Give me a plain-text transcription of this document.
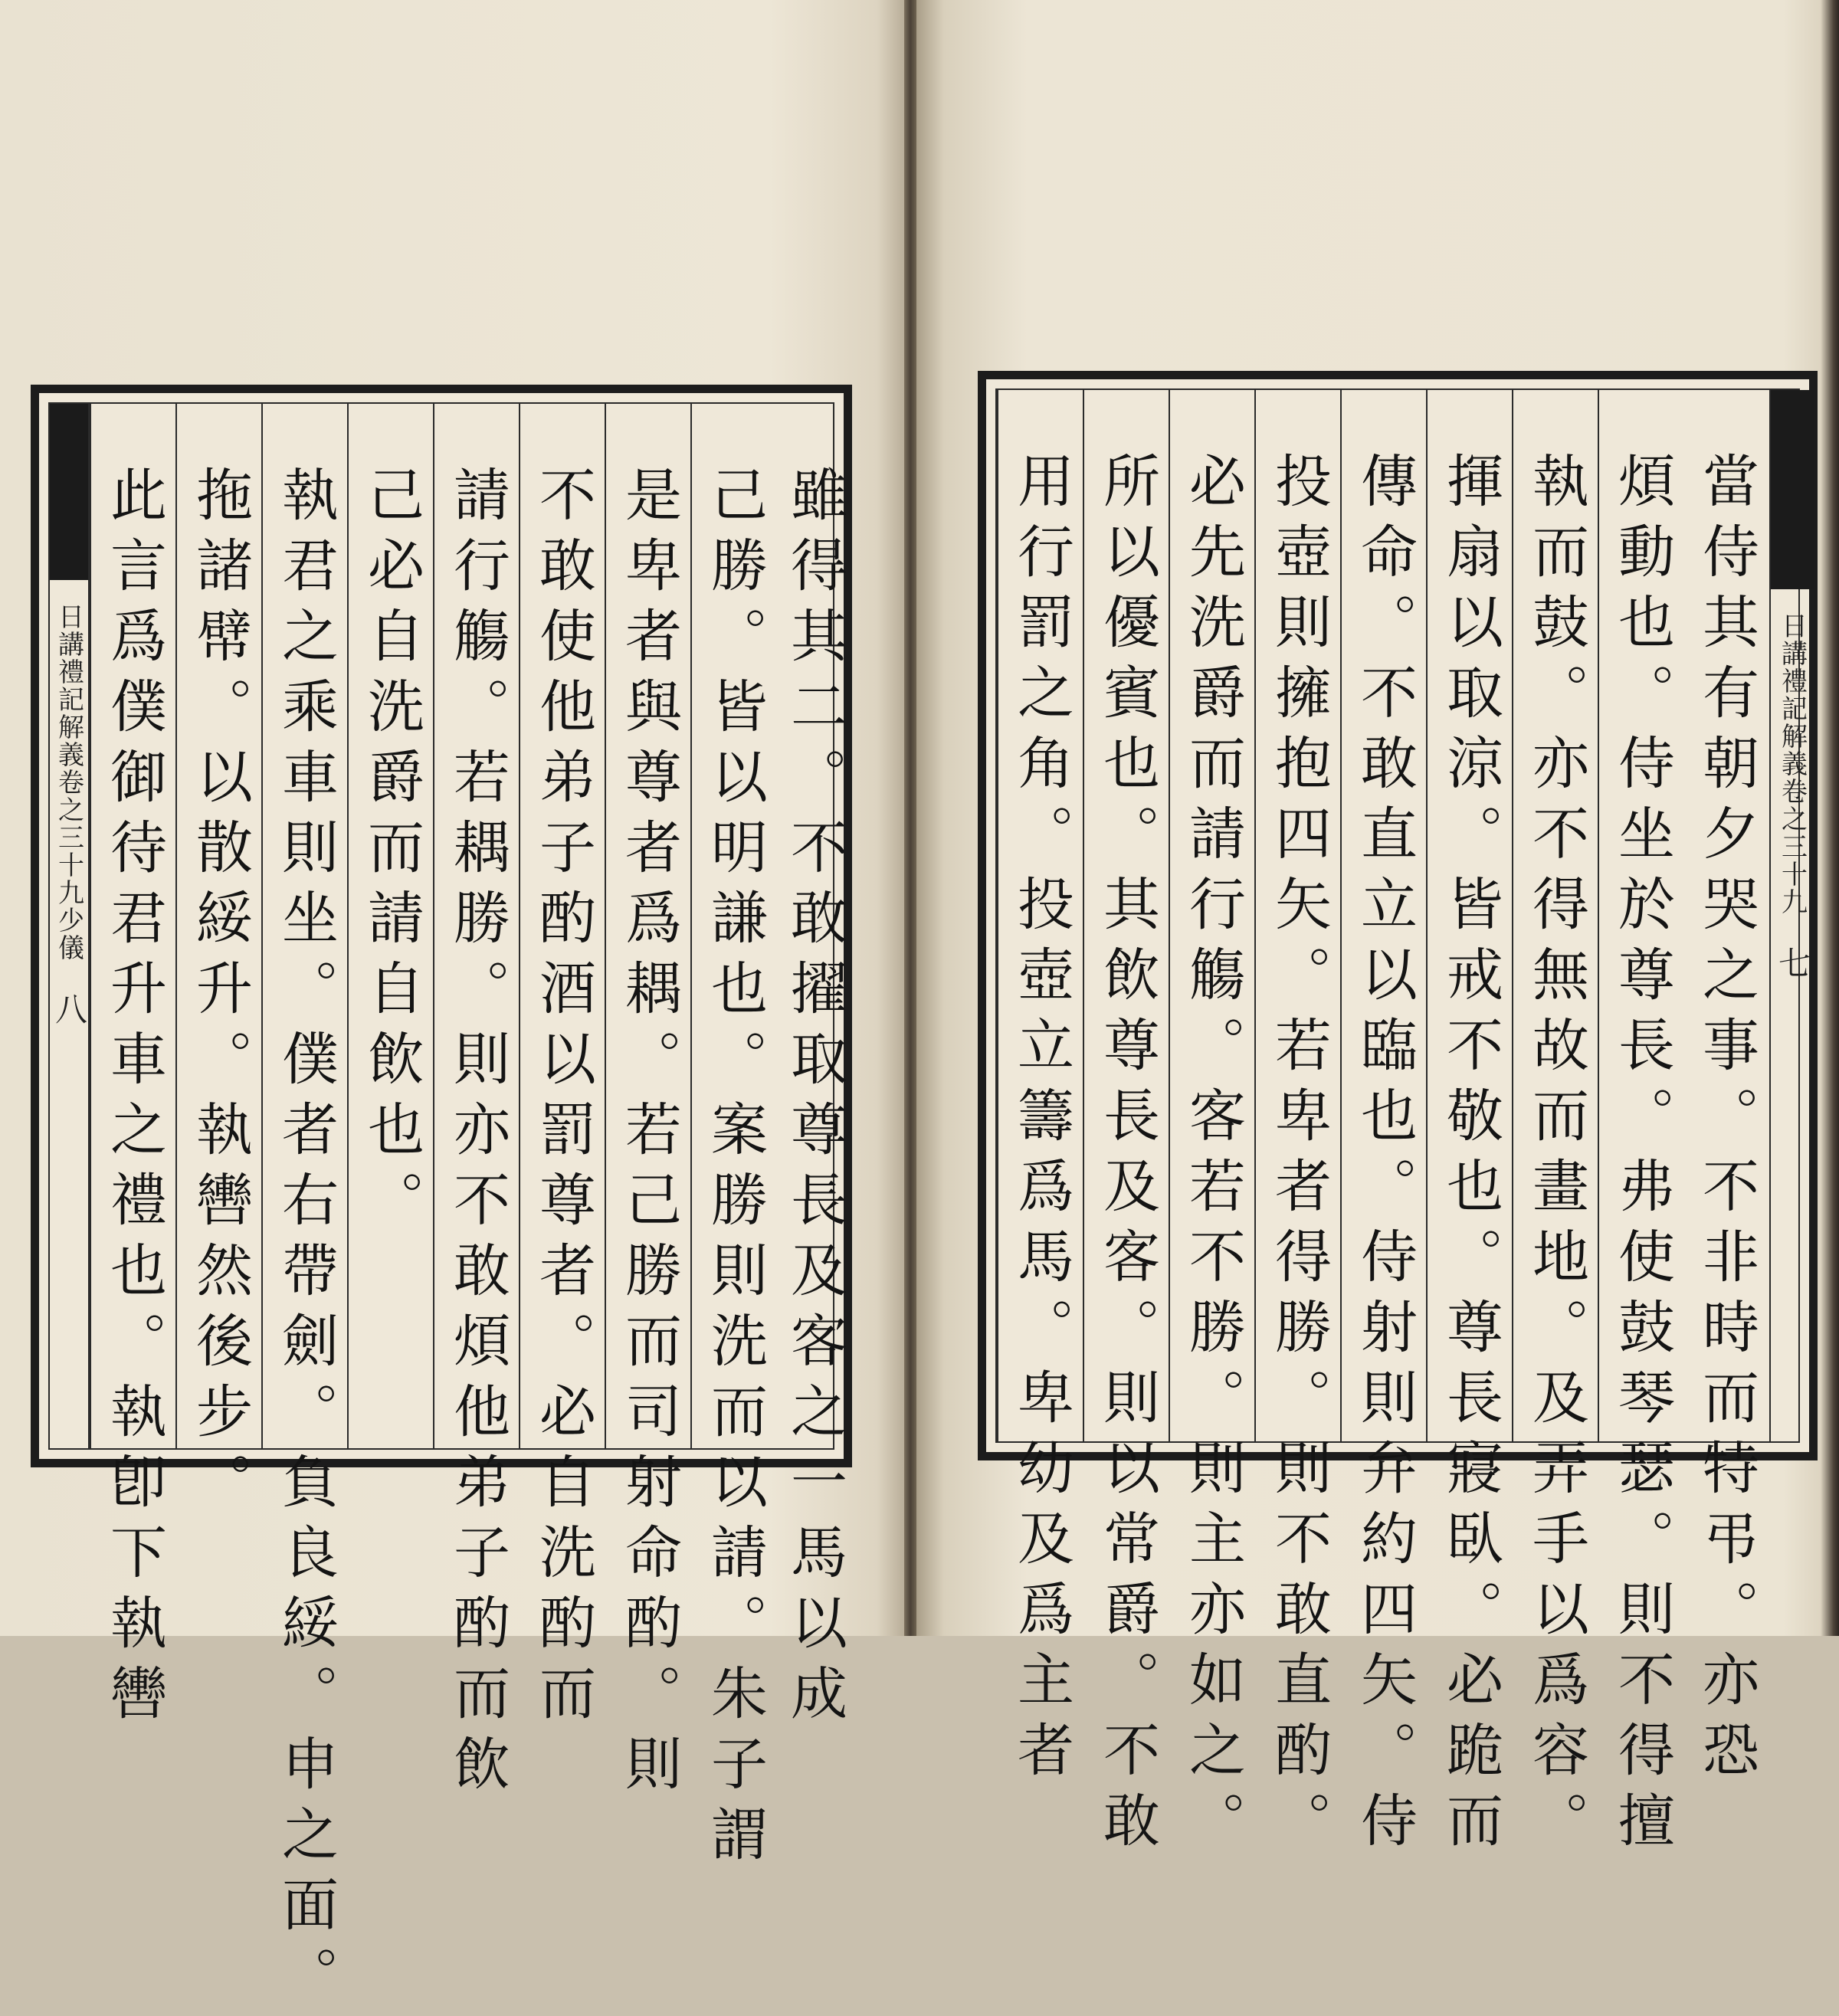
雖得其二。不敢擢取尊長及客之一馬以成
己勝。皆以明謙也。案勝則洗而以請。朱子謂
是卑者與尊者爲耦。若己勝而司射命酌。則
不敢使他弟子酌酒以罰尊者。必自洗酌而
請行觴。若耦勝。則亦不敢煩他弟子酌而飲
己必自洗爵而請自飲也。
執君之乘車則坐。僕者右帶劍。負良綏。申之面。
拖諸幦。以散綏升。執轡然後步。
此言爲僕御待君升車之禮也。執卽下執轡
日講禮記解義卷之三十九少儀
八	當侍其有朝夕哭之事。不非時而特弔。亦恐
煩動也。侍坐於尊長。弗使鼓琴瑟。則不得擅
執而鼓。亦不得無故而畫地。及弄手以爲容。
揮扇以取涼。皆戒不敬也。尊長寢臥。必跪而
傳命。不敢直立以臨也。侍射則弁約四矢。侍
投壺則擁抱四矢。若卑者得勝。則不敢直酌。
必先洗爵而請行觴。客若不勝。則主亦如之。
所以優賓也。其飲尊長及客。則以常爵。不敢
用行罰之角。投壺立籌爲馬。卑幼及爲主者	日講禮記解義卷之三十九
七
